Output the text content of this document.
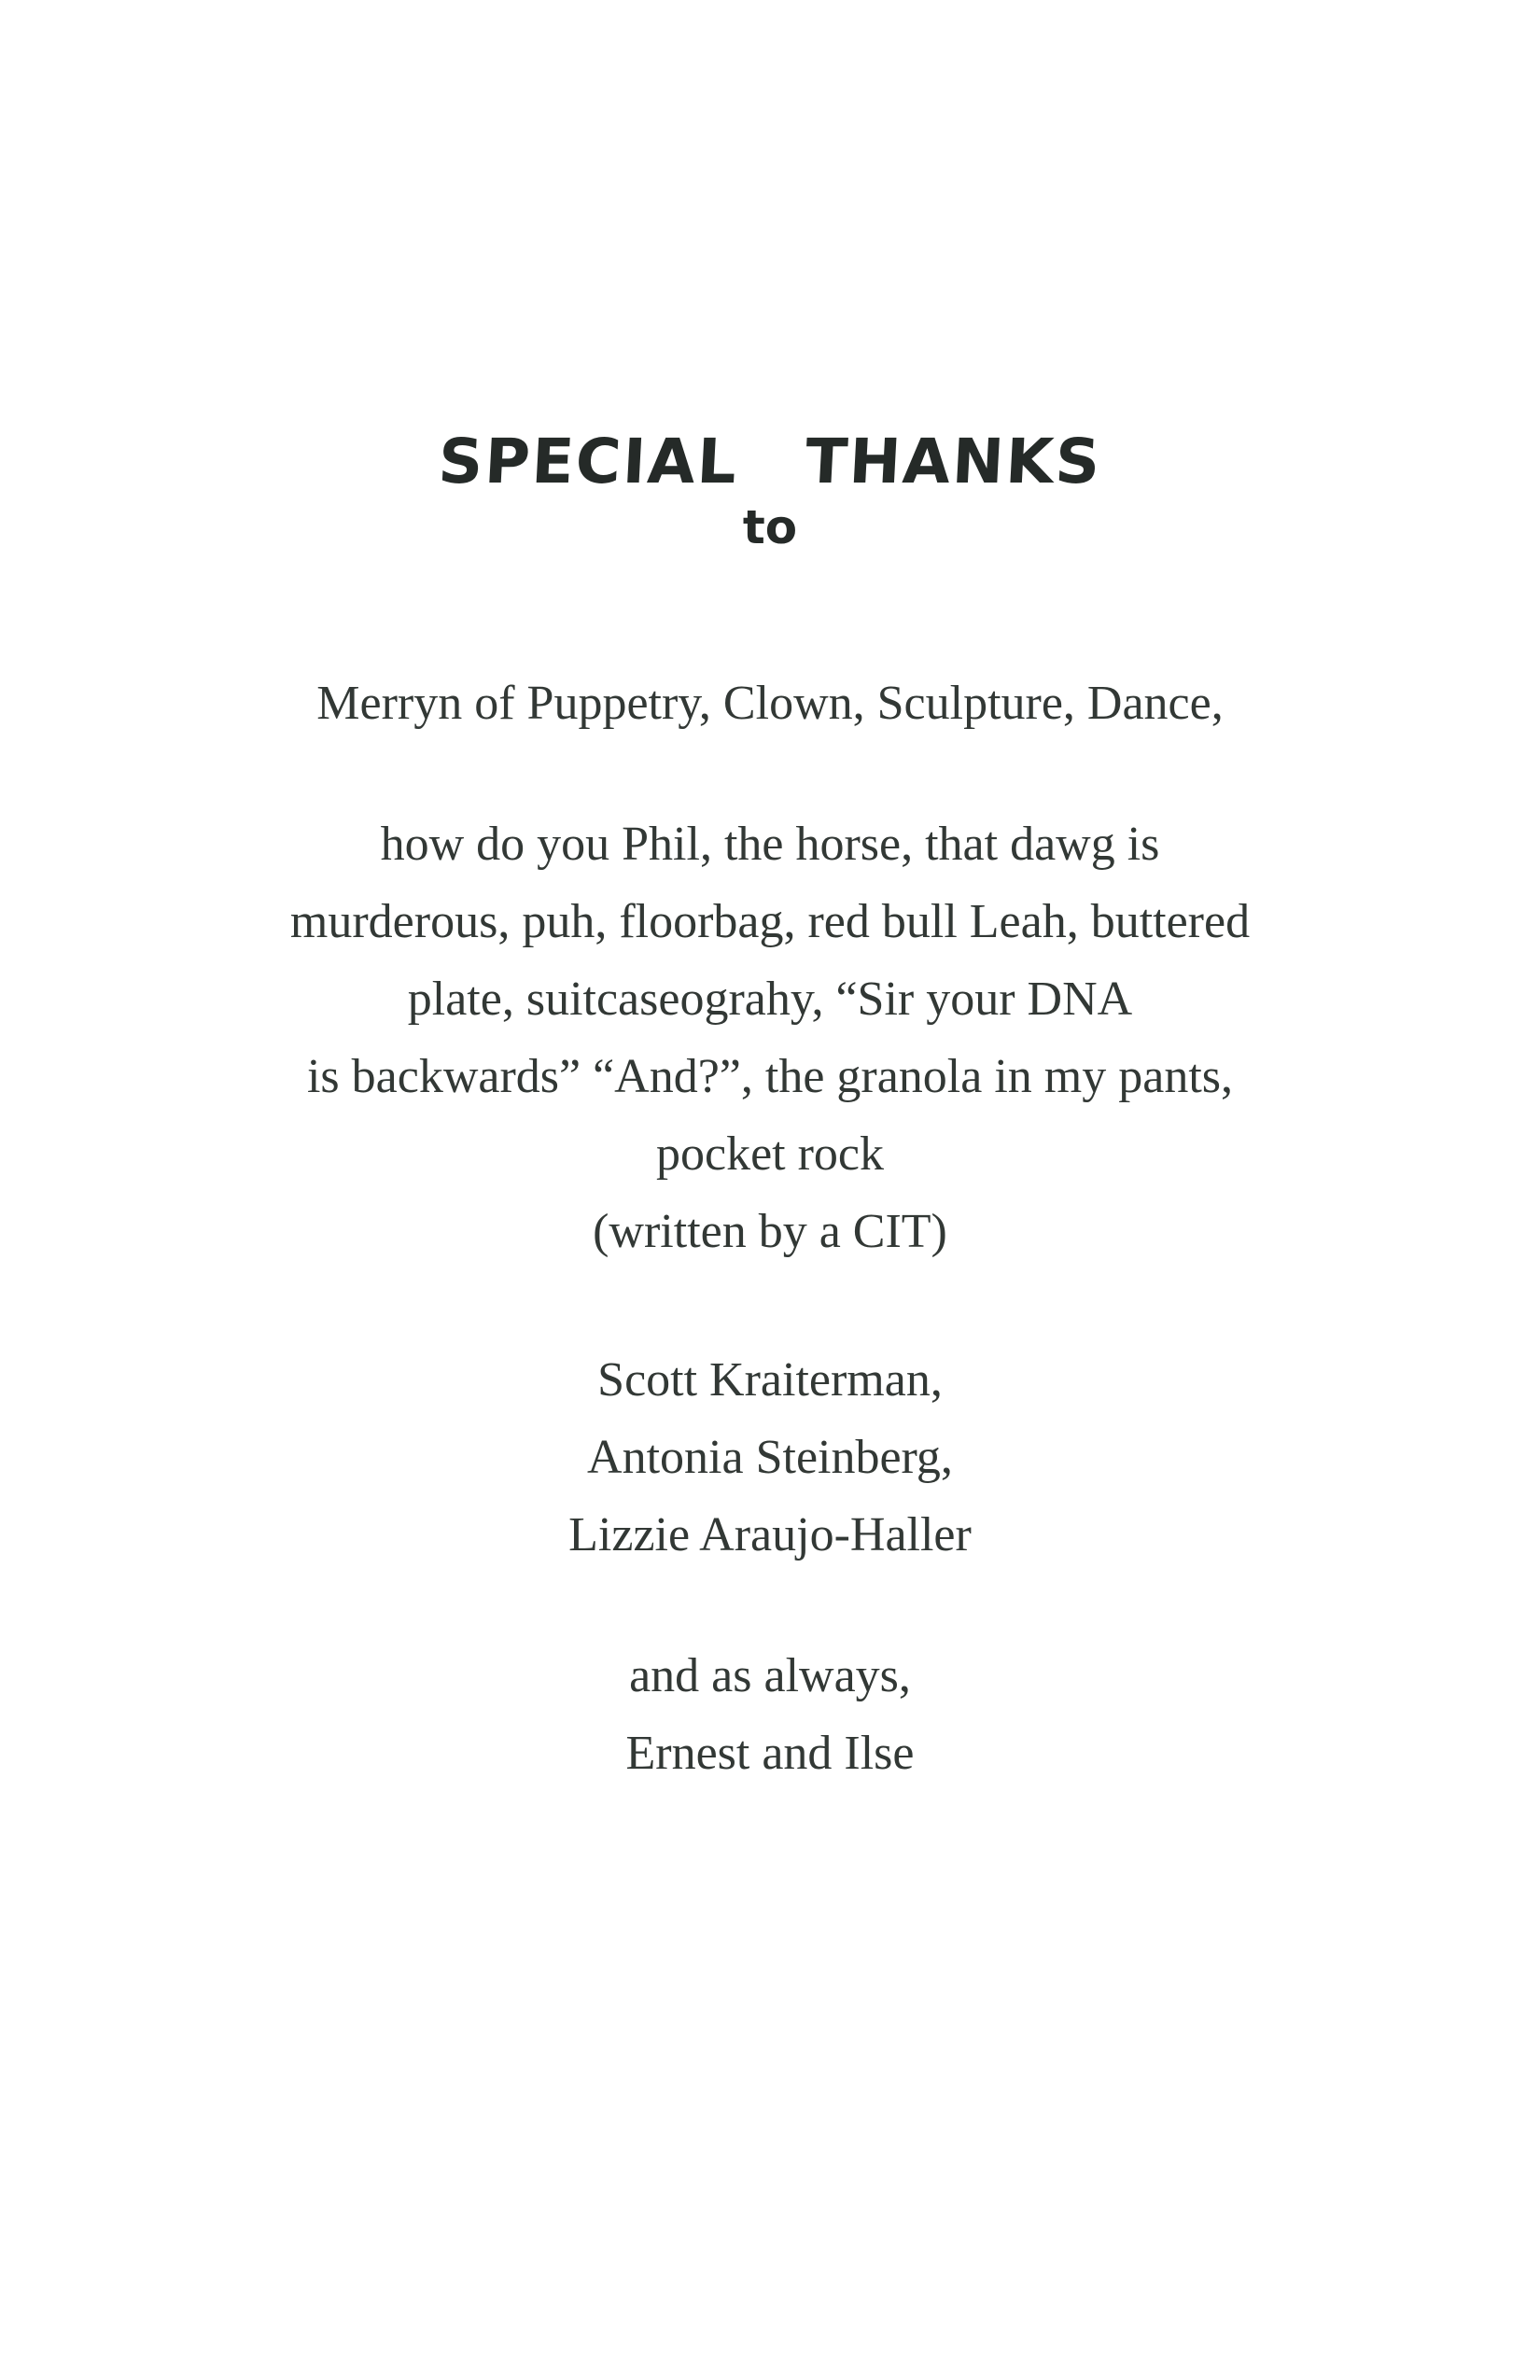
SPECIAL THANKS
to

Merryn of Puppetry, Clown, Sculpture, Dance,

how do you Phil, the horse, that dawg is

murderous, puh, floorbag, red bull Leah, buttered

plate, suitcaseograhy, “Sir your DNA

is backwards” “And?”, the granola in my pants,

pocket rock

(written by a CIT)

Scott Kraiterman,

Antonia Steinberg,

Lizzie Araujo-Haller

and as always,

Ernest and Ilse
